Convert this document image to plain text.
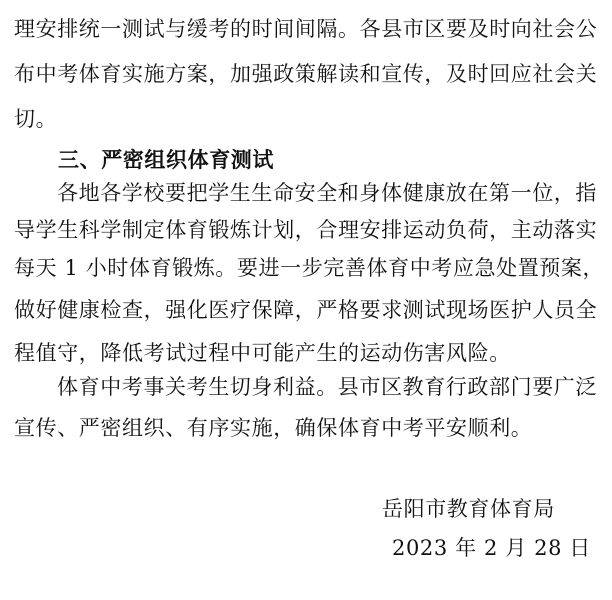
理安排统一测试与缓考的时间间隔。各县市区要及时向社会公
布中考体育实施方案，加强政策解读和宣传，及时回应社会关
切。
三、严密组织体育测试
各地各学校要把学生生命安全和身体健康放在第一位，指
导学生科学制定体育锻炼计划，合理安排运动负荷，主动落实
每天 1 小时体育锻炼。要进一步完善体育中考应急处置预案，
做好健康检查，强化医疗保障，严格要求测试现场医护人员全
程值守，降低考试过程中可能产生的运动伤害风险。
体育中考事关考生切身利益。县市区教育行政部门要广泛
宣传、严密组织、有序实施，确保体育中考平安顺利。
岳阳市教育体育局
2023 年 2 月 28 日
